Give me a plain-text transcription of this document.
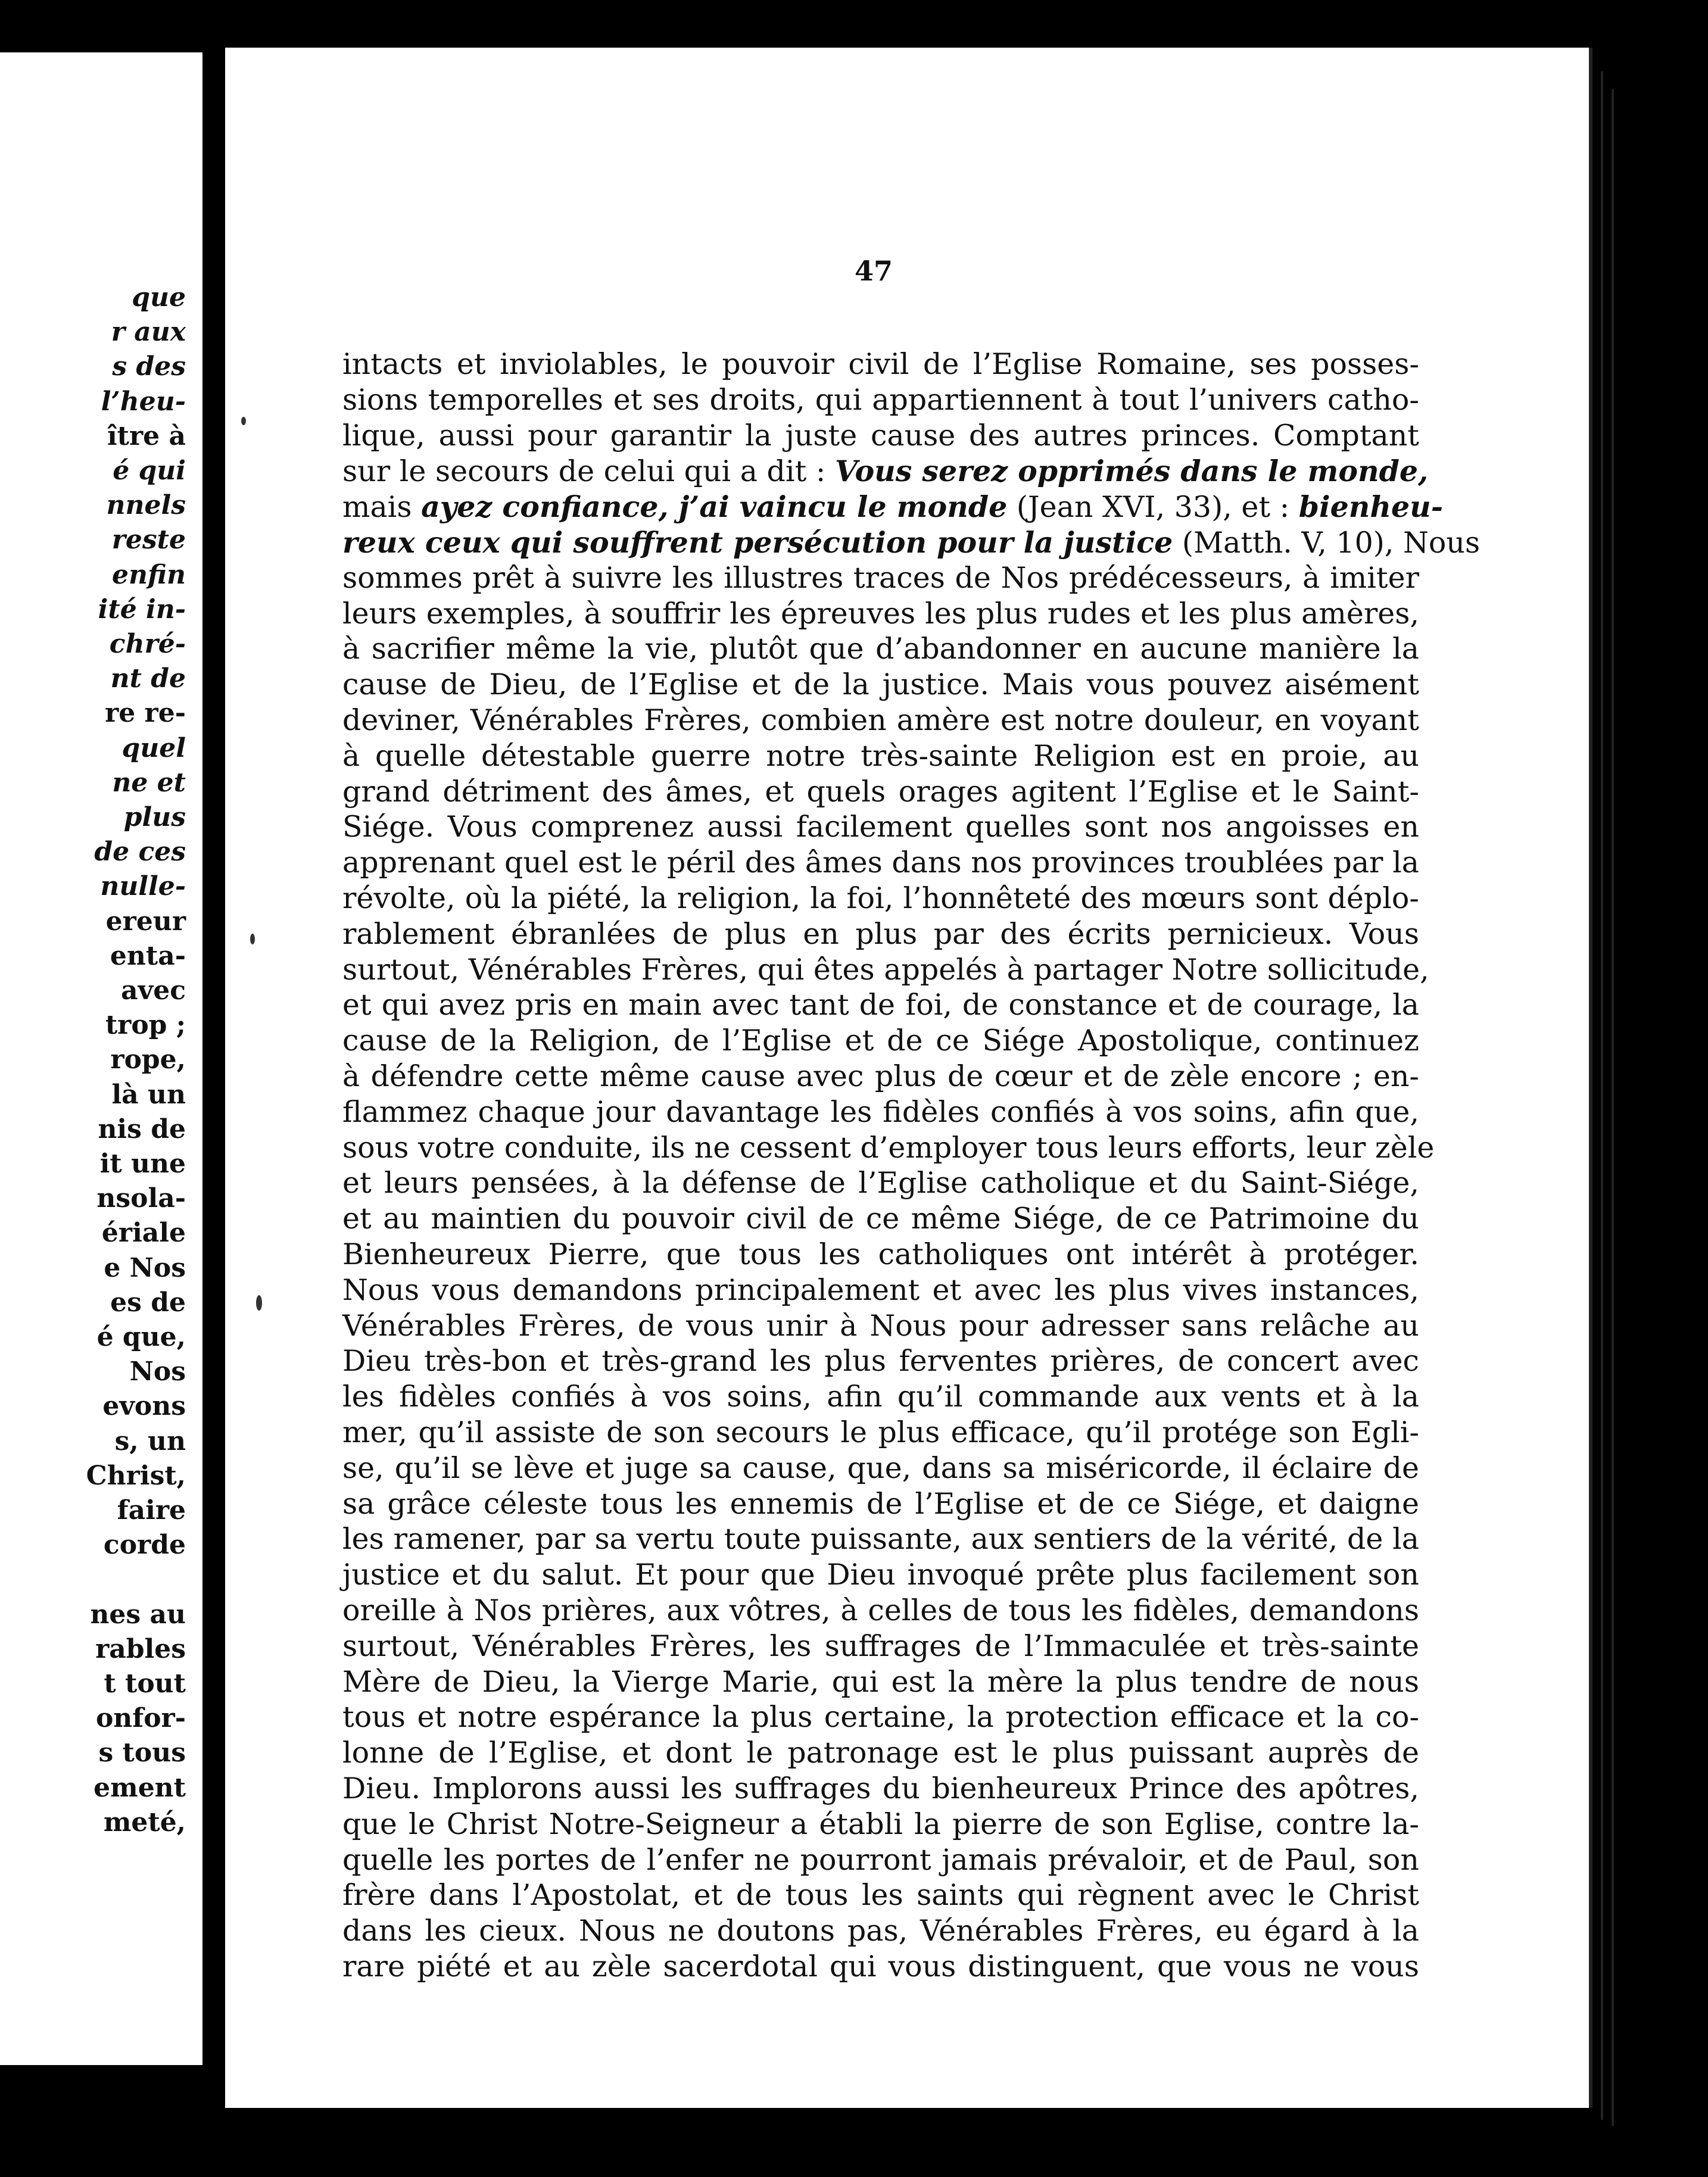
que
r aux
s des
l’heu-
ître à
é qui
nnels
reste
enfin
ité in-
chré-
nt de
re re-
quel
ne et
plus
de ces
nulle-
ereur
enta-
avec
trop ;
rope,
là un
nis de
it une
nsola-
ériale
e Nos
es de
é que,
Nos
evons
s, un
Christ,
faire
corde
nes au
rables
t tout
onfor-
s tous
ement
meté,
47
intacts et inviolables, le pouvoir civil de l’Eglise Romaine, ses posses-
sions temporelles et ses droits, qui appartiennent à tout l’univers catho-
lique, aussi pour garantir la juste cause des autres princes. Comptant
sur le secours de celui qui a dit : Vous serez opprimés dans le monde,
mais ayez confiance, j’ai vaincu le monde (Jean XVI, 33), et : bienheu-
reux ceux qui souffrent persécution pour la justice (Matth. V, 10), Nous
sommes prêt à suivre les illustres traces de Nos prédécesseurs, à imiter
leurs exemples, à souffrir les épreuves les plus rudes et les plus amères,
à sacrifier même la vie, plutôt que d’abandonner en aucune manière la
cause de Dieu, de l’Eglise et de la justice. Mais vous pouvez aisément
deviner, Vénérables Frères, combien amère est notre douleur, en voyant
à quelle détestable guerre notre très-sainte Religion est en proie, au
grand détriment des âmes, et quels orages agitent l’Eglise et le Saint-
Siége. Vous comprenez aussi facilement quelles sont nos angoisses en
apprenant quel est le péril des âmes dans nos provinces troublées par la
révolte, où la piété, la religion, la foi, l’honnêteté des mœurs sont déplo-
rablement ébranlées de plus en plus par des écrits pernicieux. Vous
surtout, Vénérables Frères, qui êtes appelés à partager Notre sollicitude,
et qui avez pris en main avec tant de foi, de constance et de courage, la
cause de la Religion, de l’Eglise et de ce Siége Apostolique, continuez
à défendre cette même cause avec plus de cœur et de zèle encore ; en-
flammez chaque jour davantage les fidèles confiés à vos soins, afin que,
sous votre conduite, ils ne cessent d’employer tous leurs efforts, leur zèle
et leurs pensées, à la défense de l’Eglise catholique et du Saint-Siége,
et au maintien du pouvoir civil de ce même Siége, de ce Patrimoine du
Bienheureux Pierre, que tous les catholiques ont intérêt à protéger.
Nous vous demandons principalement et avec les plus vives instances,
Vénérables Frères, de vous unir à Nous pour adresser sans relâche au
Dieu très-bon et très-grand les plus ferventes prières, de concert avec
les fidèles confiés à vos soins, afin qu’il commande aux vents et à la
mer, qu’il assiste de son secours le plus efficace, qu’il protége son Egli-
se, qu’il se lève et juge sa cause, que, dans sa miséricorde, il éclaire de
sa grâce céleste tous les ennemis de l’Eglise et de ce Siége, et daigne
les ramener, par sa vertu toute puissante, aux sentiers de la vérité, de la
justice et du salut. Et pour que Dieu invoqué prête plus facilement son
oreille à Nos prières, aux vôtres, à celles de tous les fidèles, demandons
surtout, Vénérables Frères, les suffrages de l’Immaculée et très-sainte
Mère de Dieu, la Vierge Marie, qui est la mère la plus tendre de nous
tous et notre espérance la plus certaine, la protection efficace et la co-
lonne de l’Eglise, et dont le patronage est le plus puissant auprès de
Dieu. Implorons aussi les suffrages du bienheureux Prince des apôtres,
que le Christ Notre-Seigneur a établi la pierre de son Eglise, contre la-
quelle les portes de l’enfer ne pourront jamais prévaloir, et de Paul, son
frère dans l’Apostolat, et de tous les saints qui règnent avec le Christ
dans les cieux. Nous ne doutons pas, Vénérables Frères, eu égard à la
rare piété et au zèle sacerdotal qui vous distinguent, que vous ne vous
